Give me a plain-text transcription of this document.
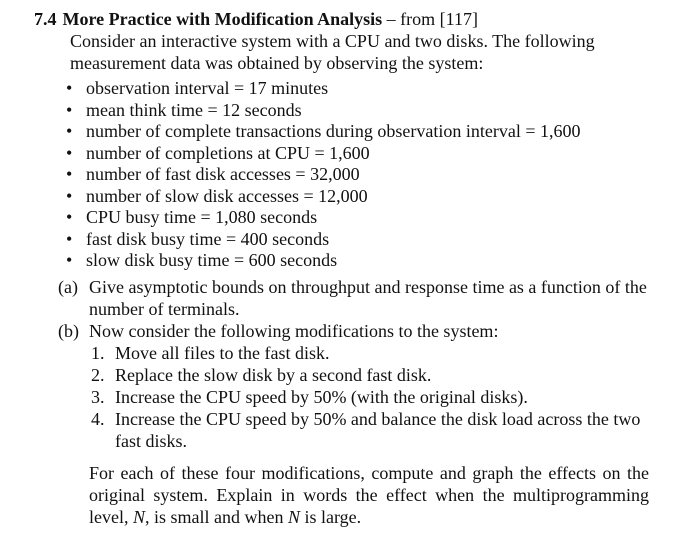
7.4 More Practice with Modification Analysis – from [117]
Consider an interactive system with a CPU and two disks. The following measurement data was obtained by observing the system:
• observation interval = 17 minutes
• mean think time = 12 seconds
• number of complete transactions during observation interval = 1,600
• number of completions at CPU = 1,600
• number of fast disk accesses = 32,000
• number of slow disk accesses = 12,000
• CPU busy time = 1,080 seconds
• fast disk busy time = 400 seconds
• slow disk busy time = 600 seconds
(a) Give asymptotic bounds on throughput and response time as a function of the number of terminals.
(b) Now consider the following modifications to the system:
1. Move all files to the fast disk.
2. Replace the slow disk by a second fast disk.
3. Increase the CPU speed by 50% (with the original disks).
4. Increase the CPU speed by 50% and balance the disk load across the two fast disks.
For each of these four modifications, compute and graph the effects on the original system. Explain in words the effect when the multiprogramming level, N, is small and when N is large.
